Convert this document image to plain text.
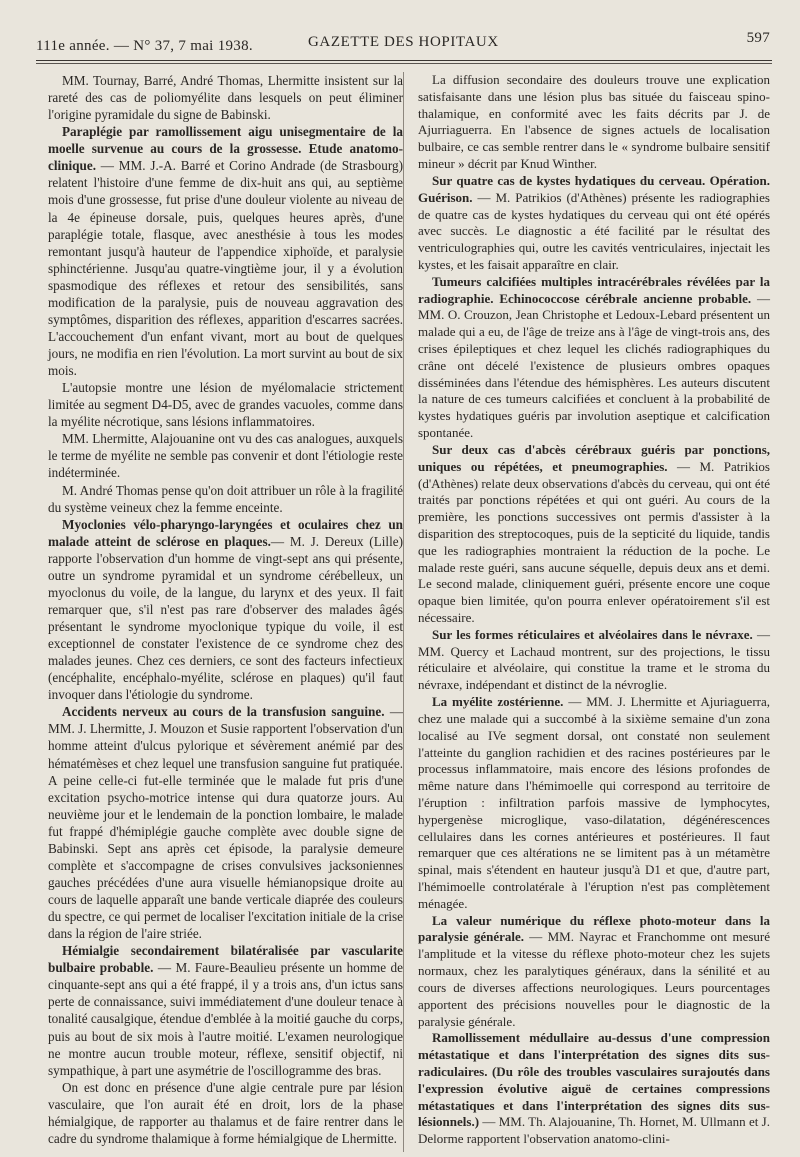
111e année. — N° 37, 7 mai 1938.	GAZETTE DES HOPITAUX	597

MM. Tournay, Barré, André Thomas, Lhermitte insistent sur la rareté des cas de poliomyélite dans lesquels on peut éliminer l'origine pyramidale du signe de Babinski.

Paraplégie par ramollissement aigu unisegmentaire de la moelle survenue au cours de la grossesse. Etude anatomo-clinique. — MM. J.-A. Barré et Corino Andrade (de Strasbourg) relatent l'histoire d'une femme de dix-huit ans qui, au septième mois d'une grossesse, fut prise d'une douleur violente au niveau de la 4e épineuse dorsale, puis, quelques heures après, d'une paraplégie totale, flasque, avec anesthésie à tous les modes remontant jusqu'à hauteur de l'appendice xiphoïde, et paralysie sphinctérienne. Jusqu'au quatre-vingtième jour, il y a évolution spasmodique des réflexes et retour des sensibilités, sans modification de la paralysie, puis de nouveau aggravation des symptômes, disparition des réflexes, apparition d'escarres sacrées. L'accouchement d'un enfant vivant, mort au bout de quelques jours, ne modifia en rien l'évolution. La mort survint au bout de six mois.

L'autopsie montre une lésion de myélomalacie strictement limitée au segment D4-D5, avec de grandes vacuoles, comme dans la myélite nécrotique, sans lésions inflammatoires.

MM. Lhermitte, Alajouanine ont vu des cas analogues, auxquels le terme de myélite ne semble pas convenir et dont l'étiologie reste indéterminée.

M. André Thomas pense qu'on doit attribuer un rôle à la fragilité du système veineux chez la femme enceinte.

Myoclonies vélo-pharyngo-laryngées et oculaires chez un malade atteint de sclérose en plaques.— M. J. Dereux (Lille) rapporte l'observation d'un homme de vingt-sept ans qui présente, outre un syndrome pyramidal et un syndrome cérébelleux, un myoclonus du voile, de la langue, du larynx et des yeux. Il fait remarquer que, s'il n'est pas rare d'observer des malades âgés présentant le syndrome myoclonique typique du voile, il est exceptionnel de constater l'existence de ce syndrome chez des malades jeunes. Chez ces derniers, ce sont des facteurs infectieux (encéphalite, encéphalo-myélite, sclérose en plaques) qu'il faut invoquer dans l'étiologie du syndrome.

Accidents nerveux au cours de la transfusion sanguine. — MM. J. Lhermitte, J. Mouzon et Susie rapportent l'observation d'un homme atteint d'ulcus pylorique et sévèrement anémié par des hématémèses et chez lequel une transfusion sanguine fut pratiquée. A peine celle-ci fut-elle terminée que le malade fut pris d'une excitation psycho-motrice intense qui dura quatorze jours. Au neuvième jour et le lendemain de la ponction lombaire, le malade fut frappé d'hémiplégie gauche complète avec double signe de Babinski. Sept ans après cet épisode, la paralysie demeure complète et s'accompagne de crises convulsives jacksoniennes gauches précédées d'une aura visuelle hémianopsique droite au cours de laquelle apparaît une bande verticale diaprée des couleurs du spectre, ce qui permet de localiser l'excitation initiale de la crise dans la région de l'aire striée.

Hémialgie secondairement bilatéralisée par vascularite bulbaire probable. — M. Faure-Beaulieu présente un homme de cinquante-sept ans qui a été frappé, il y a trois ans, d'un ictus sans perte de connaissance, suivi immédiatement d'une douleur tenace à tonalité causalgique, étendue d'emblée à la moitié gauche du corps, puis au bout de six mois à l'autre moitié. L'examen neurologique ne montre aucun trouble moteur, réflexe, sensitif objectif, ni sympathique, à part une asymétrie de l'oscillogramme des bras.

On est donc en présence d'une algie centrale pure par lésion vasculaire, que l'on aurait été en droit, lors de la phase hémialgique, de rapporter au thalamus et de faire rentrer dans le cadre du syndrome thalamique à forme hémialgique de Lhermitte.

La diffusion secondaire des douleurs trouve une explication satisfaisante dans une lésion plus bas située du faisceau spino-thalamique, en conformité avec les faits décrits par J. de Ajurriaguerra. En l'absence de signes actuels de localisation bulbaire, ce cas semble rentrer dans le « syndrome bulbaire sensitif mineur » décrit par Knud Winther.

Sur quatre cas de kystes hydatiques du cerveau. Opération. Guérison. — M. Patrikios (d'Athènes) présente les radiographies de quatre cas de kystes hydatiques du cerveau qui ont été opérés avec succès. Le diagnostic a été facilité par le résultat des ventriculographies qui, outre les cavités ventriculaires, injectait les kystes, et les faisait apparaître en clair.

Tumeurs calcifiées multiples intracérébrales révélées par la radiographie. Echinococcose cérébrale ancienne probable. — MM. O. Crouzon, Jean Christophe et Ledoux-Lebard présentent un malade qui a eu, de l'âge de treize ans à l'âge de vingt-trois ans, des crises épileptiques et chez lequel les clichés radiographiques du crâne ont décelé l'existence de plusieurs ombres opaques disséminées dans l'étendue des hémisphères. Les auteurs discutent la nature de ces tumeurs calcifiées et concluent à la probabilité de kystes hydatiques guéris par involution aseptique et calcification spontanée.

Sur deux cas d'abcès cérébraux guéris par ponctions, uniques ou répétées, et pneumographies. — M. Patrikios (d'Athènes) relate deux observations d'abcès du cerveau, qui ont été traités par ponctions répétées et qui ont guéri. Au cours de la première, les ponctions successives ont permis d'assister à la disparition des streptocoques, puis de la septicité du liquide, tandis que les radiographies montraient la réduction de la poche. Le malade reste guéri, sans aucune séquelle, depuis deux ans et demi. Le second malade, cliniquement guéri, présente encore une coque opaque bien limitée, qu'on pourra enlever opératoirement s'il est nécessaire.

Sur les formes réticulaires et alvéolaires dans le névraxe. — MM. Quercy et Lachaud montrent, sur des projections, le tissu réticulaire et alvéolaire, qui constitue la trame et le stroma du névraxe, indépendant et distinct de la névroglie.

La myélite zostérienne. — MM. J. Lhermitte et Ajuriaguerra, chez une malade qui a succombé à la sixième semaine d'un zona localisé au IVe segment dorsal, ont constaté non seulement l'atteinte du ganglion rachidien et des racines postérieures par le processus inflammatoire, mais encore des lésions profondes de même nature dans l'hémimoelle qui correspond au territoire de l'éruption : infiltration parfois massive de lymphocytes, hypergenèse microglique, vaso-dilatation, dégénérescences cellulaires dans les cornes antérieures et postérieures. Il faut remarquer que ces altérations ne se limitent pas à un métamètre spinal, mais s'étendent en hauteur jusqu'à D1 et que, d'autre part, l'hémimoelle controlatérale à l'éruption n'est pas complètement ménagée.

La valeur numérique du réflexe photo-moteur dans la paralysie générale. — MM. Nayrac et Franchomme ont mesuré l'amplitude et la vitesse du réflexe photo-moteur chez les sujets normaux, chez les paralytiques généraux, dans la sénilité et au cours de diverses affections neurologiques. Leurs pourcentages apportent des précisions nouvelles pour le diagnostic de la paralysie générale.

Ramollissement médullaire au-dessus d'une compression métastatique et dans l'interprétation des signes dits sus-radiculaires. (Du rôle des troubles vasculaires surajoutés dans l'expression évolutive aiguë de certaines compressions métastatiques et dans l'interprétation des signes dits sus-lésionnels.) — MM. Th. Alajouanine, Th. Hornet, M. Ullmann et J. Delorme rapportent l'observation anatomo-clini-
